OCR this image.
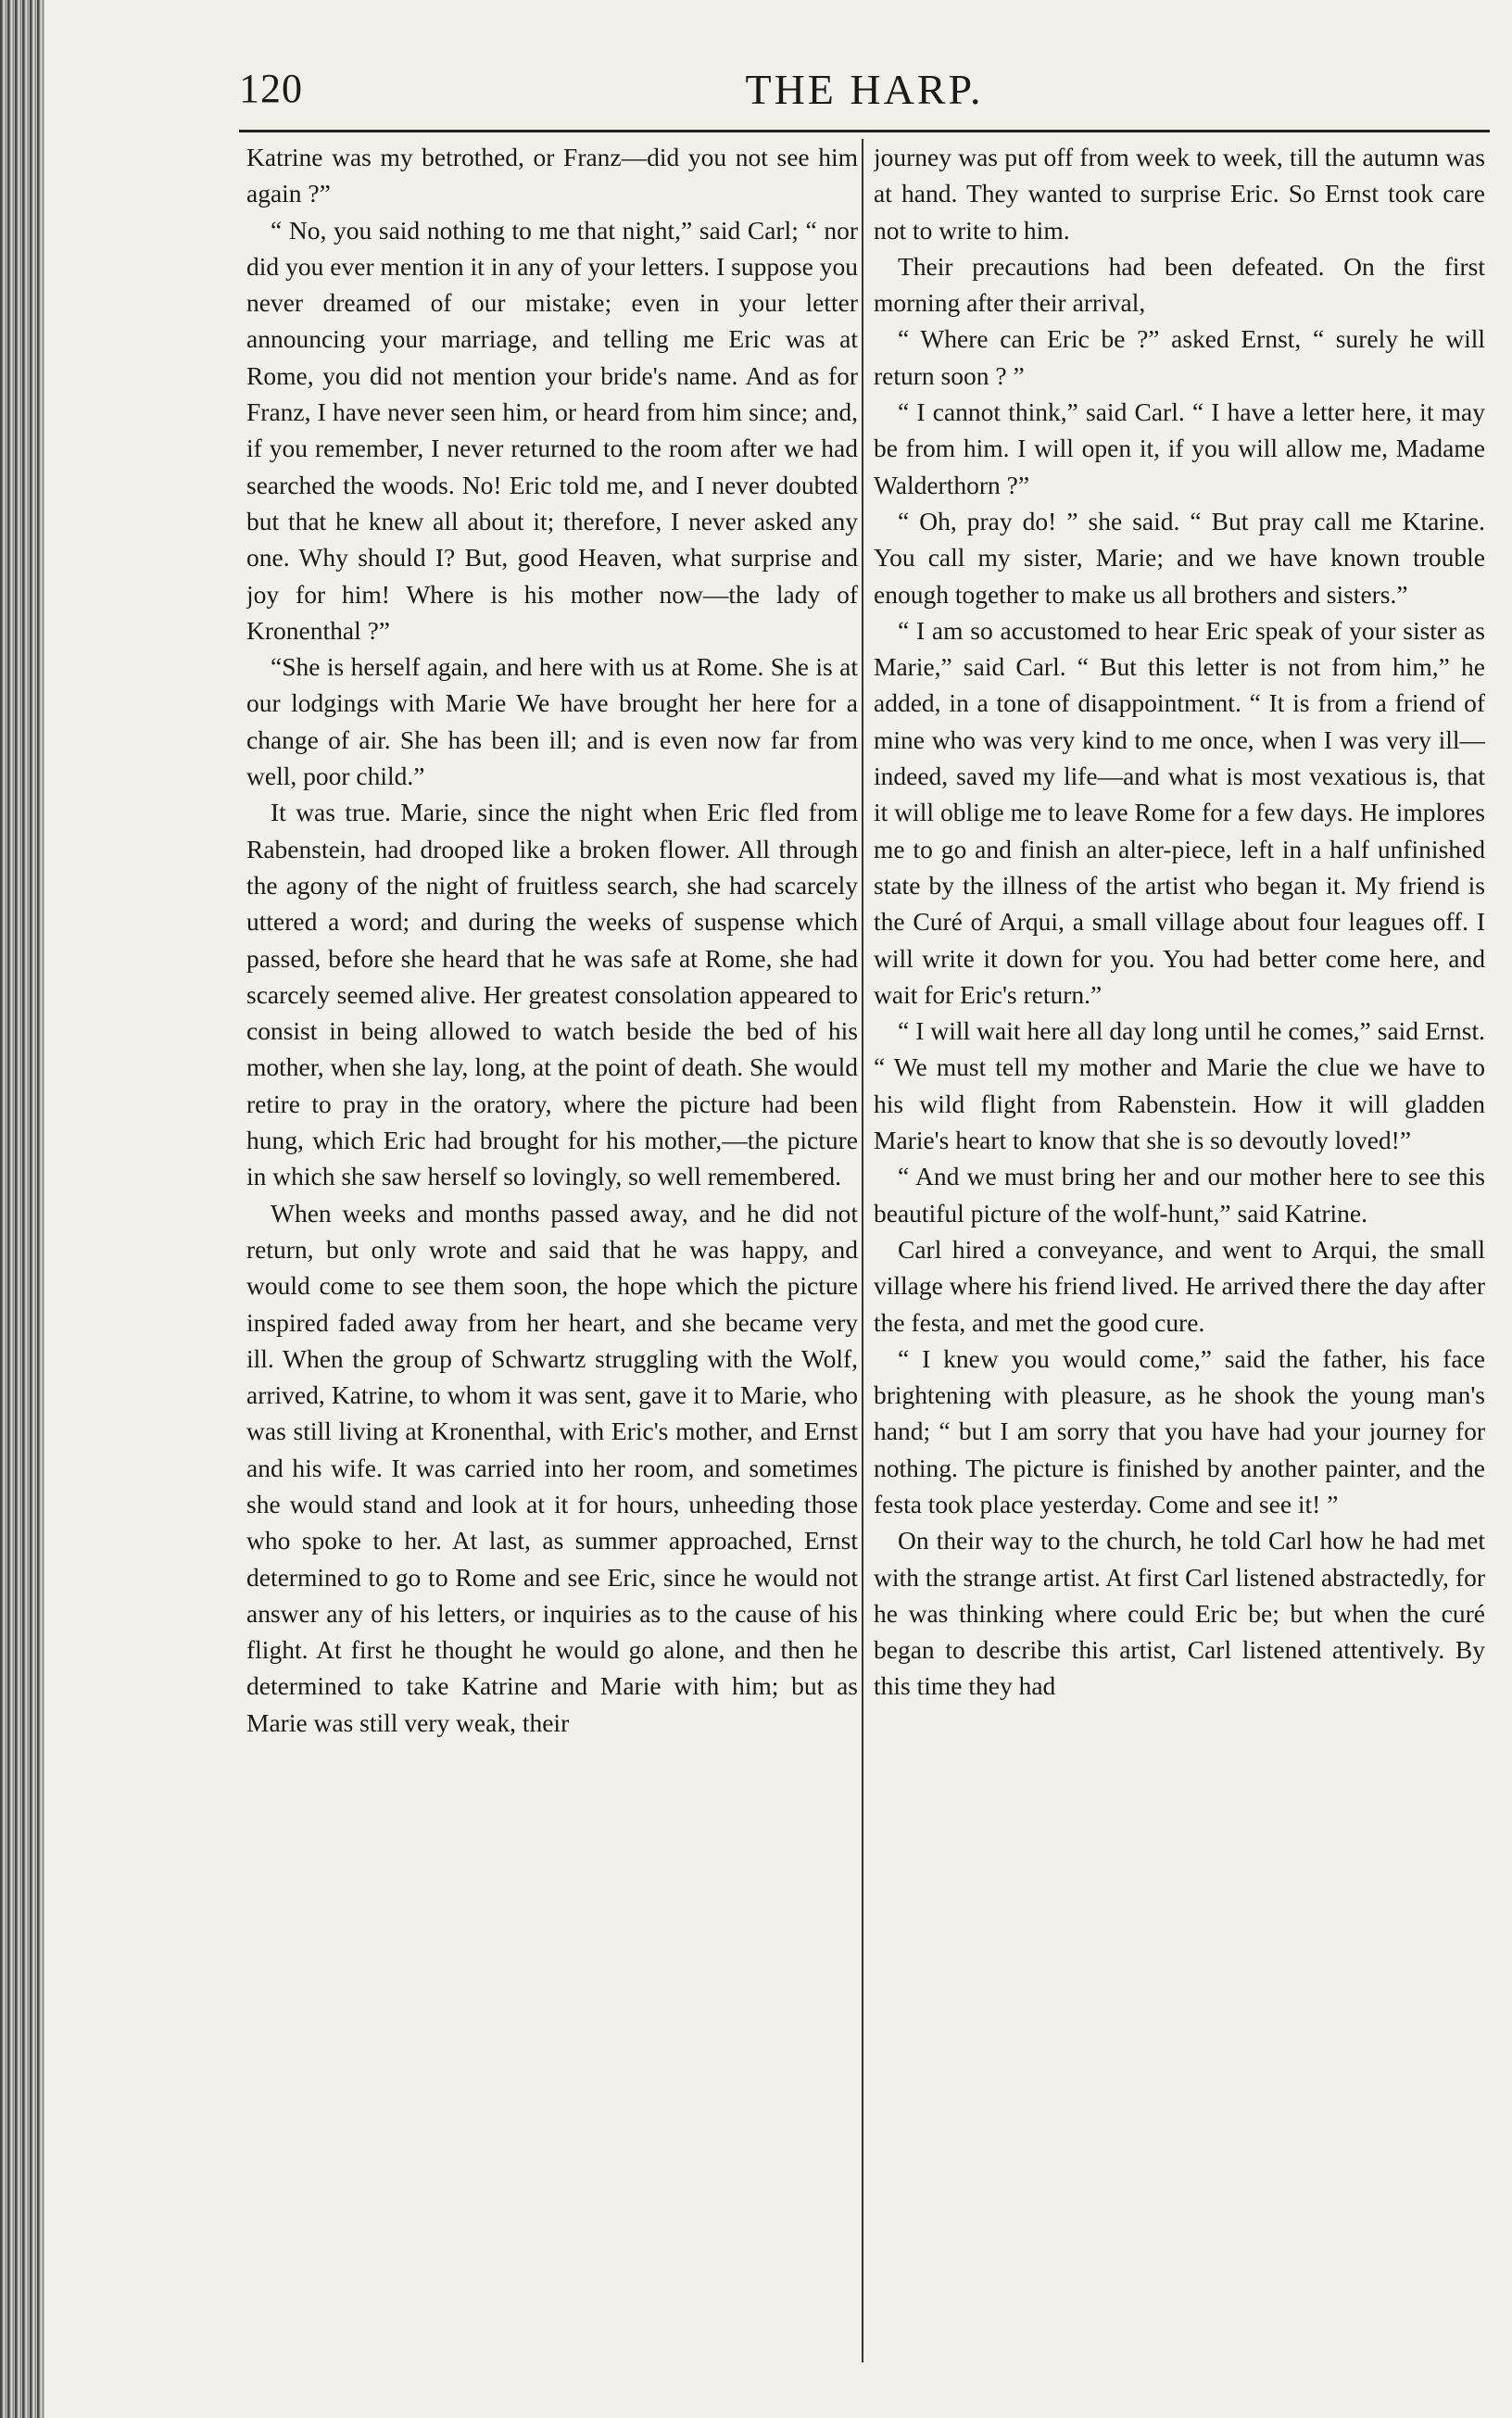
120	THE HARP.

Katrine was my betrothed, or Franz—did you not see him again ?”

“ No, you said nothing to me that night,” said Carl; “ nor did you ever mention it in any of your letters. I suppose you never dreamed of our mistake; even in your letter announcing your marriage, and telling me Eric was at Rome, you did not mention your bride's name. And as for Franz, I have never seen him, or heard from him since; and, if you remember, I never returned to the room after we had searched the woods. No! Eric told me, and I never doubted but that he knew all about it; therefore, I never asked any one. Why should I? But, good Heaven, what surprise and joy for him! Where is his mother now—the lady of Kronenthal ?”

“She is herself again, and here with us at Rome. She is at our lodgings with Marie We have brought her here for a change of air. She has been ill; and is even now far from well, poor child.”

It was true. Marie, since the night when Eric fled from Rabenstein, had drooped like a broken flower. All through the agony of the night of fruitless search, she had scarcely uttered a word; and during the weeks of suspense which passed, before she heard that he was safe at Rome, she had scarcely seemed alive. Her greatest consolation appeared to consist in being allowed to watch beside the bed of his mother, when she lay, long, at the point of death. She would retire to pray in the oratory, where the picture had been hung, which Eric had brought for his mother,—the picture in which she saw herself so lovingly, so well remembered.

When weeks and months passed away, and he did not return, but only wrote and said that he was happy, and would come to see them soon, the hope which the picture inspired faded away from her heart, and she became very ill. When the group of Schwartz struggling with the Wolf, arrived, Katrine, to whom it was sent, gave it to Marie, who was still living at Kronenthal, with Eric's mother, and Ernst and his wife. It was carried into her room, and sometimes she would stand and look at it for hours, unheeding those who spoke to her. At last, as summer approached, Ernst determined to go to Rome and see Eric, since he would not answer any of his letters, or inquiries as to the cause of his flight. At first he thought he would go alone, and then he determined to take Katrine and Marie with him; but as Marie was still very weak, their

journey was put off from week to week, till the autumn was at hand. They wanted to surprise Eric. So Ernst took care not to write to him.

Their precautions had been defeated. On the first morning after their arrival,

“ Where can Eric be ?” asked Ernst, “ surely he will return soon ? ”

“ I cannot think,” said Carl. “ I have a letter here, it may be from him. I will open it, if you will allow me, Madame Walderthorn ?”

“ Oh, pray do! ” she said. “ But pray call me Ktarine. You call my sister, Marie; and we have known trouble enough together to make us all brothers and sisters.”

“ I am so accustomed to hear Eric speak of your sister as Marie,” said Carl. “ But this letter is not from him,” he added, in a tone of disappointment. “ It is from a friend of mine who was very kind to me once, when I was very ill—indeed, saved my life—and what is most vexatious is, that it will oblige me to leave Rome for a few days. He implores me to go and finish an alter-piece, left in a half unfinished state by the illness of the artist who began it. My friend is the Curé of Arqui, a small village about four leagues off. I will write it down for you. You had better come here, and wait for Eric's return.”

“ I will wait here all day long until he comes,” said Ernst. “ We must tell my mother and Marie the clue we have to his wild flight from Rabenstein. How it will gladden Marie's heart to know that she is so devoutly loved!”

“ And we must bring her and our mother here to see this beautiful picture of the wolf-hunt,” said Katrine.

Carl hired a conveyance, and went to Arqui, the small village where his friend lived. He arrived there the day after the festa, and met the good cure.

“ I knew you would come,” said the father, his face brightening with pleasure, as he shook the young man's hand; “ but I am sorry that you have had your journey for nothing. The picture is finished by another painter, and the festa took place yesterday. Come and see it! ”

On their way to the church, he told Carl how he had met with the strange artist. At first Carl listened abstractedly, for he was thinking where could Eric be; but when the curé began to describe this artist, Carl listened attentively. By this time they had
